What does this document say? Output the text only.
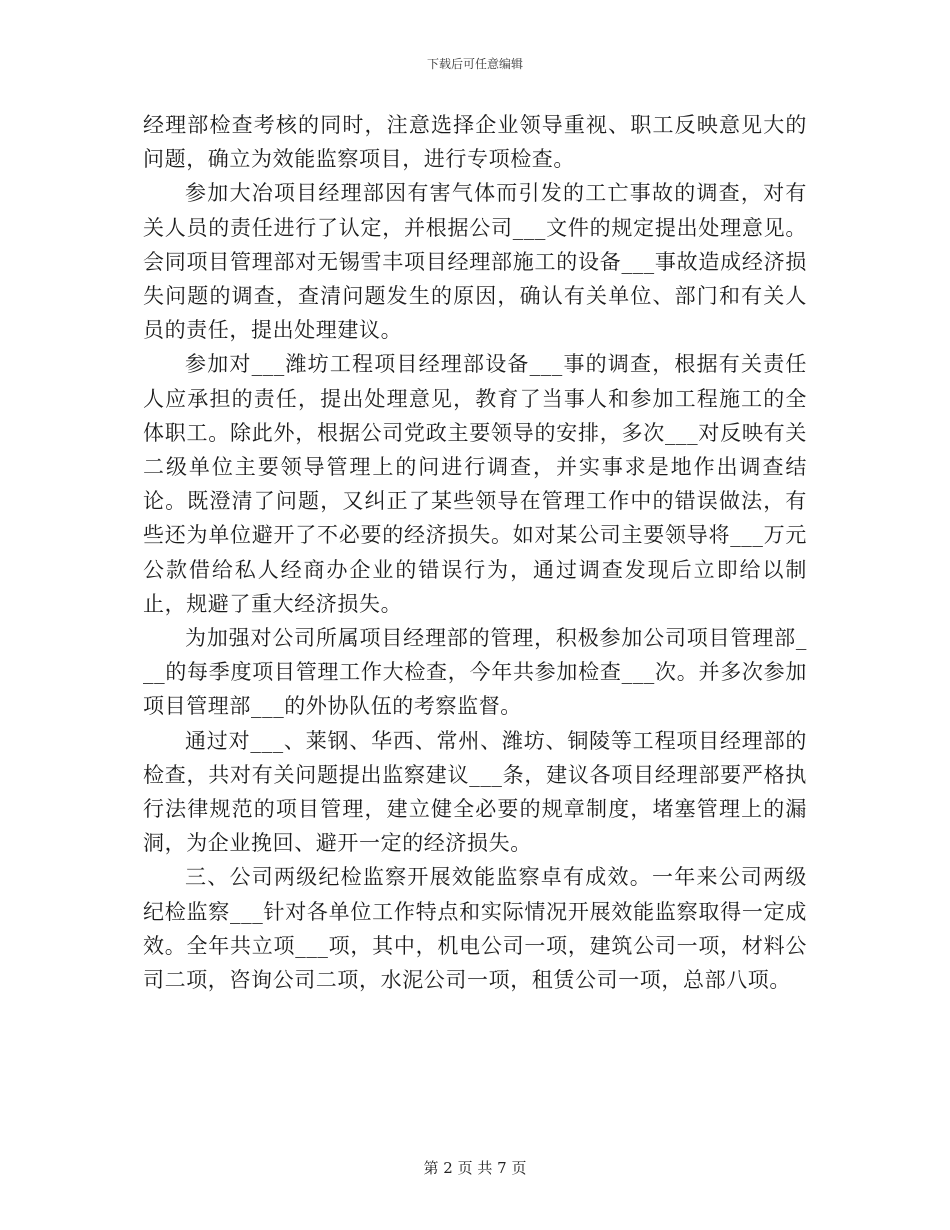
下载后可任意编辑

经理部检查考核的同时，注意选择企业领导重视、职工反映意见大的问题，确立为效能监察项目，进行专项检查。

参加大冶项目经理部因有害气体而引发的工亡事故的调查，对有关人员的责任进行了认定，并根据公司___文件的规定提出处理意见。会同项目管理部对无锡雪丰项目经理部施工的设备___事故造成经济损失问题的调查，查清问题发生的原因，确认有关单位、部门和有关人员的责任，提出处理建议。

参加对___潍坊工程项目经理部设备___事的调查，根据有关责任人应承担的责任，提出处理意见，教育了当事人和参加工程施工的全体职工。除此外，根据公司党政主要领导的安排，多次___对反映有关二级单位主要领导管理上的问进行调查，并实事求是地作出调查结论。既澄清了问题，又纠正了某些领导在管理工作中的错误做法，有些还为单位避开了不必要的经济损失。如对某公司主要领导将___万元公款借给私人经商办企业的错误行为，通过调查发现后立即给以制止，规避了重大经济损失。

为加强对公司所属项目经理部的管理，积极参加公司项目管理部___的每季度项目管理工作大检查，今年共参加检查___次。并多次参加项目管理部___的外协队伍的考察监督。

通过对___、莱钢、华西、常州、潍坊、铜陵等工程项目经理部的检查，共对有关问题提出监察建议___条，建议各项目经理部要严格执行法律规范的项目管理，建立健全必要的规章制度，堵塞管理上的漏洞，为企业挽回、避开一定的经济损失。

三、公司两级纪检监察开展效能监察卓有成效。一年来公司两级纪检监察___针对各单位工作特点和实际情况开展效能监察取得一定成效。全年共立项___项，其中，机电公司一项，建筑公司一项，材料公司二项，咨询公司二项，水泥公司一项，租赁公司一项，总部八项。

第 2 页 共 7 页
